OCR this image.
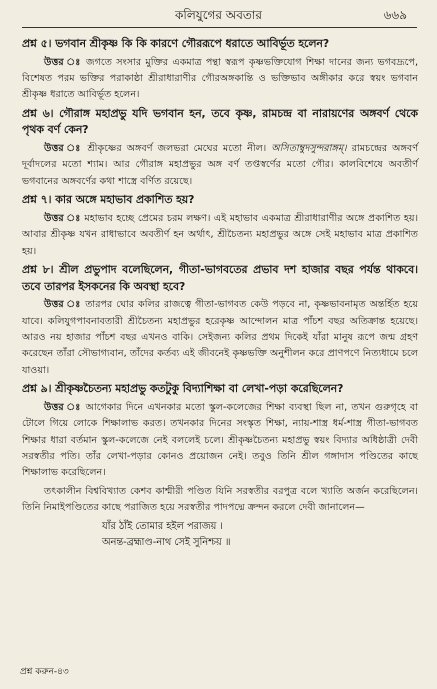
কলিযুগের অবতার	৬৬৯

প্রশ্ন ৫। ভগবান শ্রীকৃষ্ণ কি কি কারণে গৌররূপে ধরাতে আবির্ভূত হলেন?

উত্তর ঃ জগতে সংসার মুক্তির একমাত্র পন্থা স্বরূপ কৃষ্ণভক্তিযোগ শিক্ষা দানের জন্য ভগবদ্রূপে, বিশেষত পরম ভক্তির পরাকাষ্ঠা শ্রীরাধারাণীর গৌরঅঙ্গকান্তি ও ভক্তিভাব অঙ্গীকার করে স্বয়ং ভগবান শ্রীকৃষ্ণ ধরাতে আবির্ভূত হলেন।

প্রশ্ন ৬। গৌরাঙ্গ মহাপ্রভু যদি ভগবান হন, তবে কৃষ্ণ, রামচন্দ্র বা নারায়ণের অঙ্গবর্ণ থেকে পৃথক বর্ণ কেন?

উত্তর ঃ শ্রীকৃষ্ণের অঙ্গবর্ণ জলভরা মেঘের মতো নীল। অসিতাম্বুদসুন্দরাঙ্গম্। রামচন্দ্রের অঙ্গবর্ণ দূর্বাদলের মতো শ্যাম। আর গৌরাঙ্গ মহাপ্রভুর অঙ্গ বর্ণ তপ্তস্বর্ণের মতো গৌর। কালবিশেষে অবতীর্ণ ভগবানের অঙ্গবর্ণের কথা শাস্ত্রে বর্ণিত রয়েছে।

প্রশ্ন ৭। কার অঙ্গে মহাভাব প্রকাশিত হয়?

উত্তর ঃ মহাভাব হচ্ছে প্রেমের চরম লক্ষণ। এই মহাভাব একমাত্র শ্রীরাধারাণীর অঙ্গে প্রকাশিত হয়। আবার শ্রীকৃষ্ণ যখন রাধাভাবে অবতীর্ণ হন অর্থাৎ, শ্রীচৈতন্য মহাপ্রভুর অঙ্গে সেই মহাভাব মাত্র প্রকাশিত হয়।

প্রশ্ন ৮। শ্রীল প্রভুপাদ বলেছিলেন, গীতা-ভাগবতের প্রভাব দশ হাজার বছর পর্যন্ত থাকবে। তবে তারপর ইসকনের কি অবস্থা হবে?

উত্তর ঃ তারপর ঘোর কলির রাজত্বে গীতা-ভাগবত কেউ পড়বে না, কৃষ্ণভাবনামৃত অন্তর্হিত হয়ে যাবে। কলিযুগপাবনাবতারী শ্রীচৈতন্য মহাপ্রভুর হরেকৃষ্ণ আন্দোলন মাত্র পাঁচশ বছর অতিক্রান্ত হয়েছে। আরও নয় হাজার পাঁচশ বছর এখনও বাকি। সেইজন্য কলির প্রথম দিকেই যাঁরা মানুষ রূপে জন্ম গ্রহণ করেছেন তাঁরা সৌভাগ্যবান, তাঁদের কর্তব্য এই জীবনেই কৃষ্ণভক্তি অনুশীলন করে প্রাণপণে নিত্যধামে চলে যাওয়া।

প্রশ্ন ৯। শ্রীকৃষ্ণচৈতন্য মহাপ্রভু কতটুকু বিদ্যাশিক্ষা বা লেখা-পড়া করেছিলেন?

উত্তর ঃ আগেকার দিনে এখনকার মতো স্কুল-কলেজের শিক্ষা ব্যবস্থা ছিল না, তখন গুরুগৃহে বা টোলে গিয়ে লোকে শিক্ষালাভ করত। তখনকার দিনের সংস্কৃত শিক্ষা, ন্যায়-শাস্ত্র ধর্ম-শাস্ত্র গীতা-ভাগবত শিক্ষার ধারা বর্তমান স্কুল-কলেজে নেই বললেই চলে। শ্রীকৃষ্ণচৈতন্য মহাপ্রভু স্বয়ং বিদ্যার অধিষ্ঠাত্রী দেবী সরস্বতীর পতি। তাঁর লেখা-পড়ার কোনও প্রয়োজন নেই। তবুও তিনি শ্রীল গঙ্গাদাস পণ্ডিতের কাছে শিক্ষালাভ করেছিলেন।

তৎকালীন বিশ্ববিখ্যাত কেশব কাশ্মীরী পণ্ডিত যিনি সরস্বতীর বরপুত্র বলে খ্যাতি অর্জন করেছিলেন। তিনি নিমাইপণ্ডিতের কাছে পরাজিত হয়ে সরস্বতীর পাদপদ্মে ক্রন্দন করলে দেবী জানালেন—

যাঁর ঠাঁই তোমার হইল পরাজয় ।
অনন্ত-ব্রহ্মাণ্ড-নাথ সেই সুনিশ্চয় ॥
প্রশ্ন করুন-৪৩
